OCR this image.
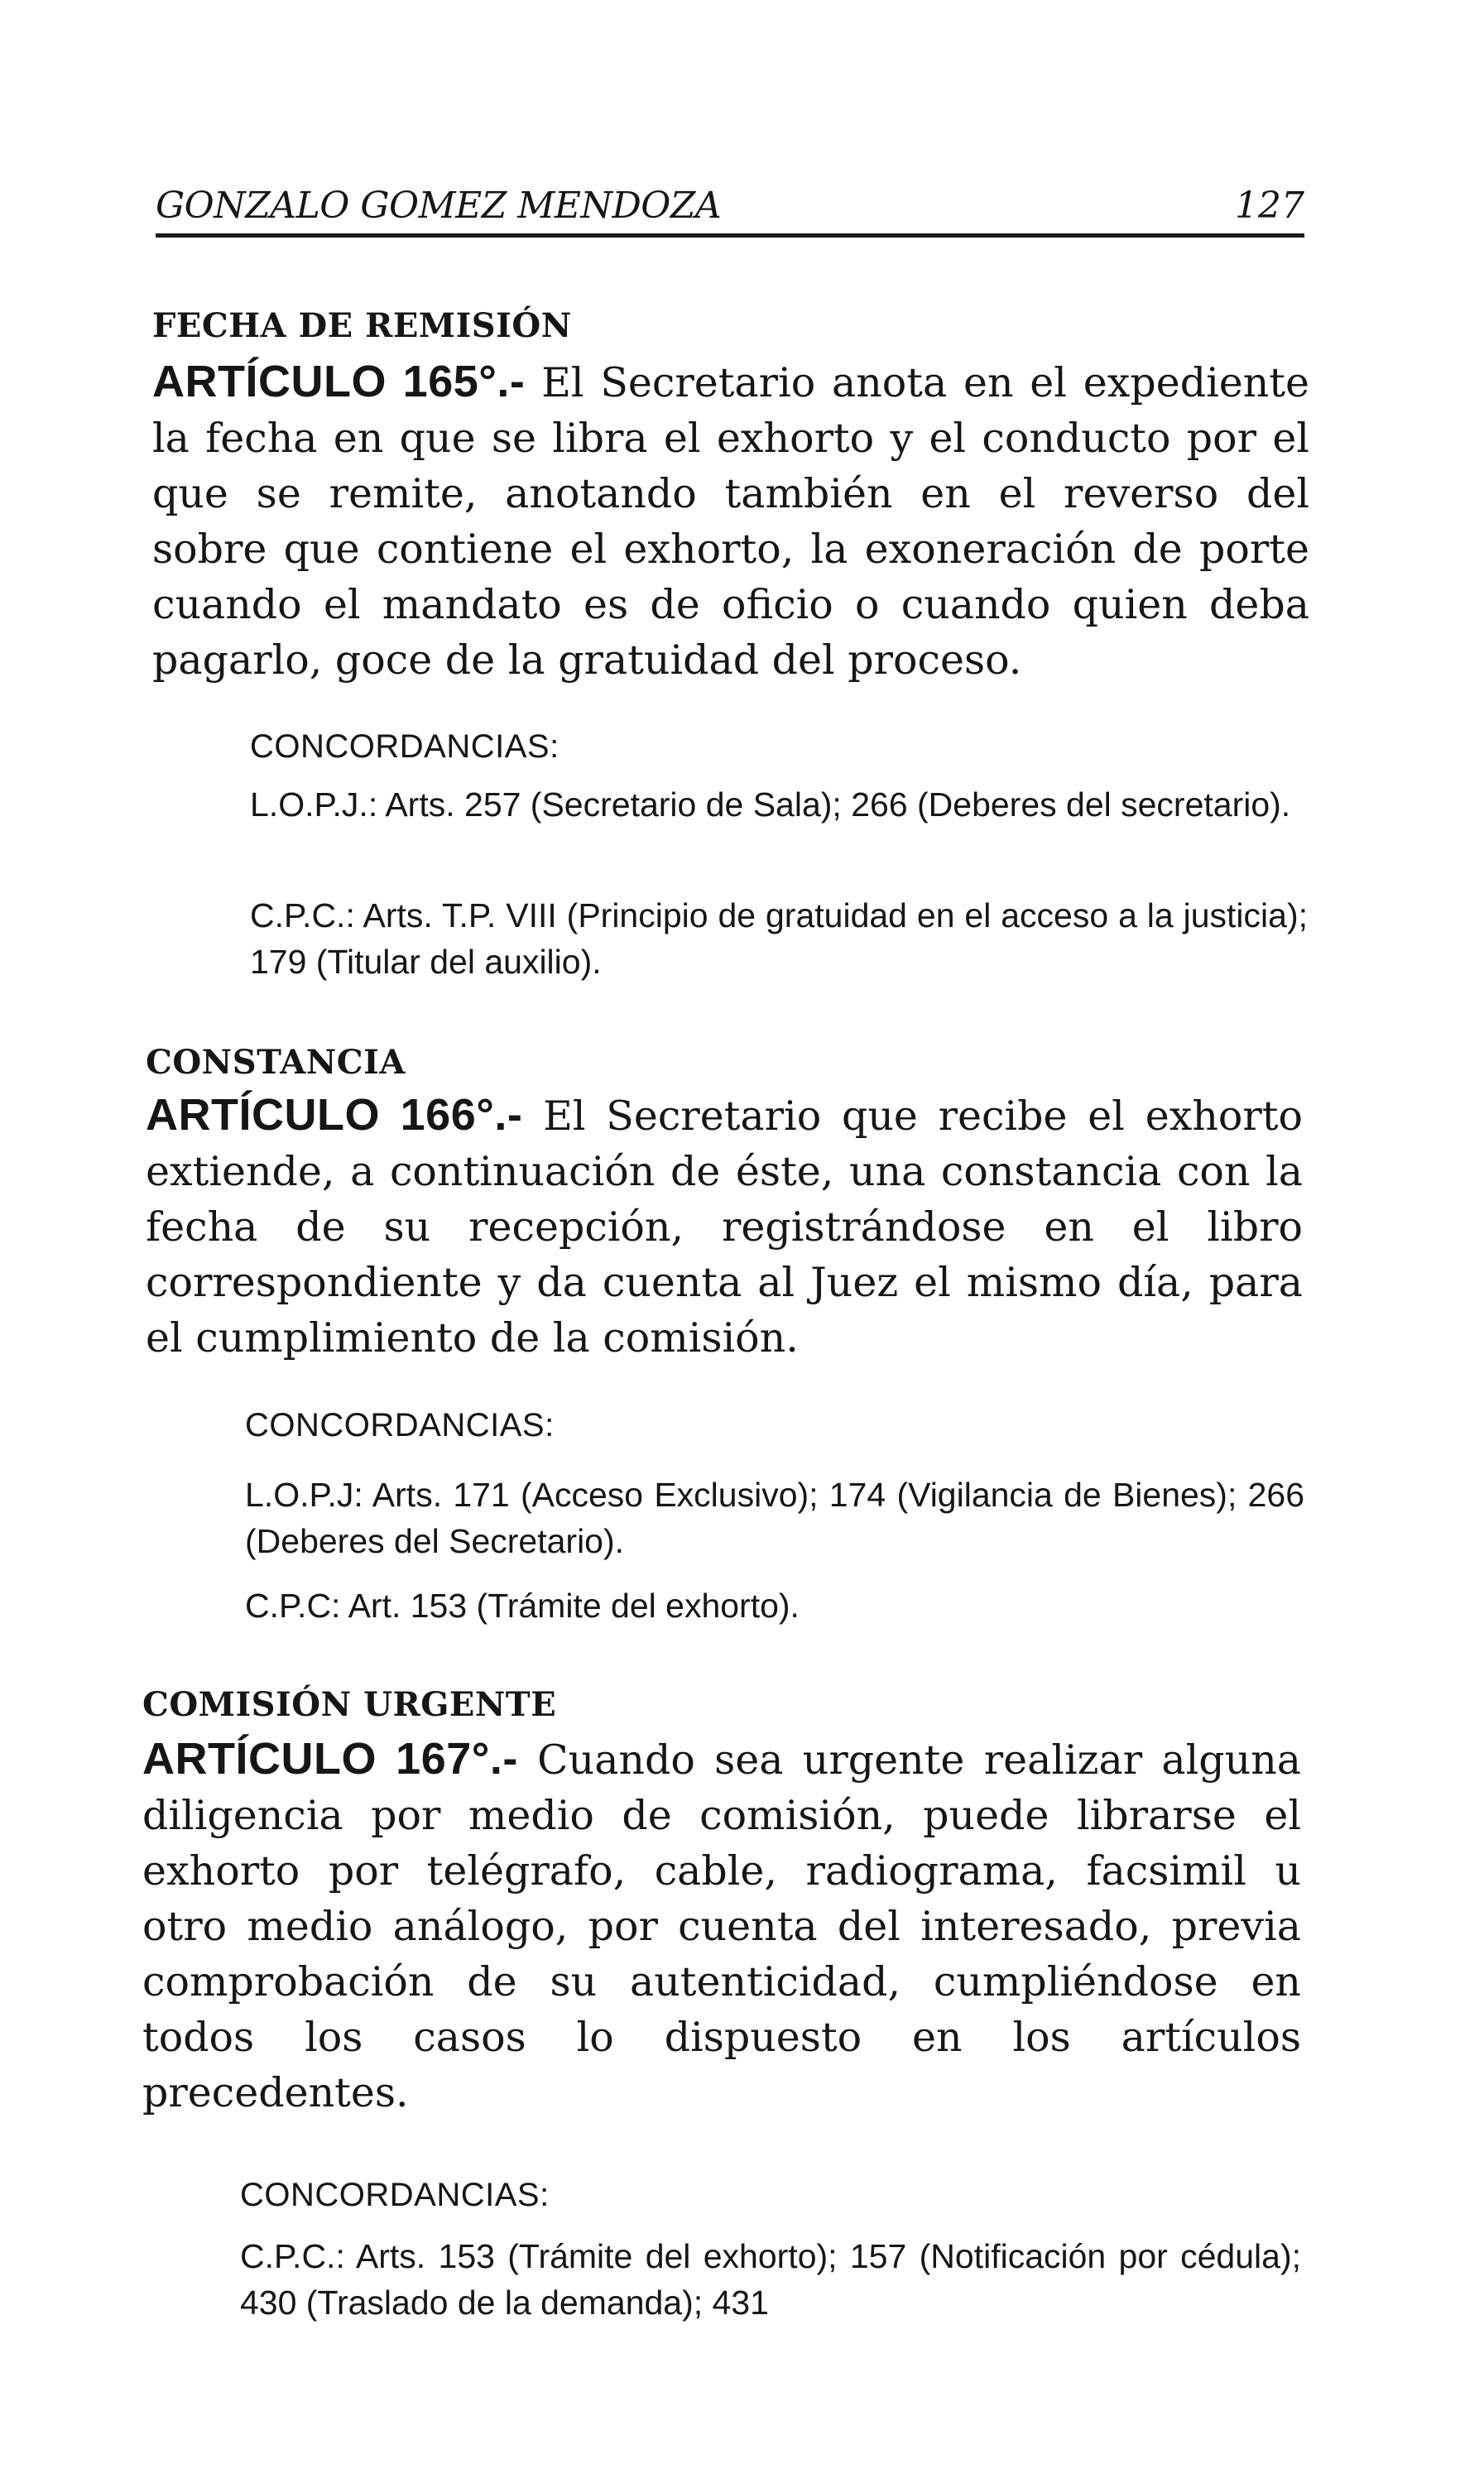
GONZALO GOMEZ MENDOZA	127
FECHA DE REMISIÓN

ARTÍCULO 165°.- El Secretario anota en el expediente la fecha en que se libra el exhorto y el conducto por el que se remite, anotando también en el reverso del sobre que contiene el exhorto, la exoneración de porte cuando el mandato es de oficio o cuando quien deba pagarlo, goce de la gratuidad del proceso.

CONCORDANCIAS:

L.O.P.J.: Arts. 257 (Secretario de Sala); 266 (Deberes del secretario).

C.P.C.: Arts. T.P. VIII (Principio de gratuidad en el acceso a la justicia); 179 (Titular del auxilio).

CONSTANCIA

ARTÍCULO 166°.- El Secretario que recibe el exhorto extiende, a continuación de éste, una constancia con la fecha de su recepción, registrándose en el libro correspondiente y da cuenta al Juez el mismo día, para el cumplimiento de la comisión.

CONCORDANCIAS:

L.O.P.J: Arts. 171 (Acceso Exclusivo); 174 (Vigilancia de Bienes); 266 (Deberes del Secretario).

C.P.C: Art. 153 (Trámite del exhorto).

COMISIÓN URGENTE

ARTÍCULO 167°.- Cuando sea urgente realizar alguna diligencia por medio de comisión, puede librarse el exhorto por telégrafo, cable, radiograma, facsimil u otro medio análogo, por cuenta del interesado, previa comprobación de su autenticidad, cumpliéndose en todos los casos lo dispuesto en los artículos precedentes.

CONCORDANCIAS:

C.P.C.: Arts. 153 (Trámite del exhorto); 157 (Notificación por cédula); 430 (Traslado de la demanda); 431
